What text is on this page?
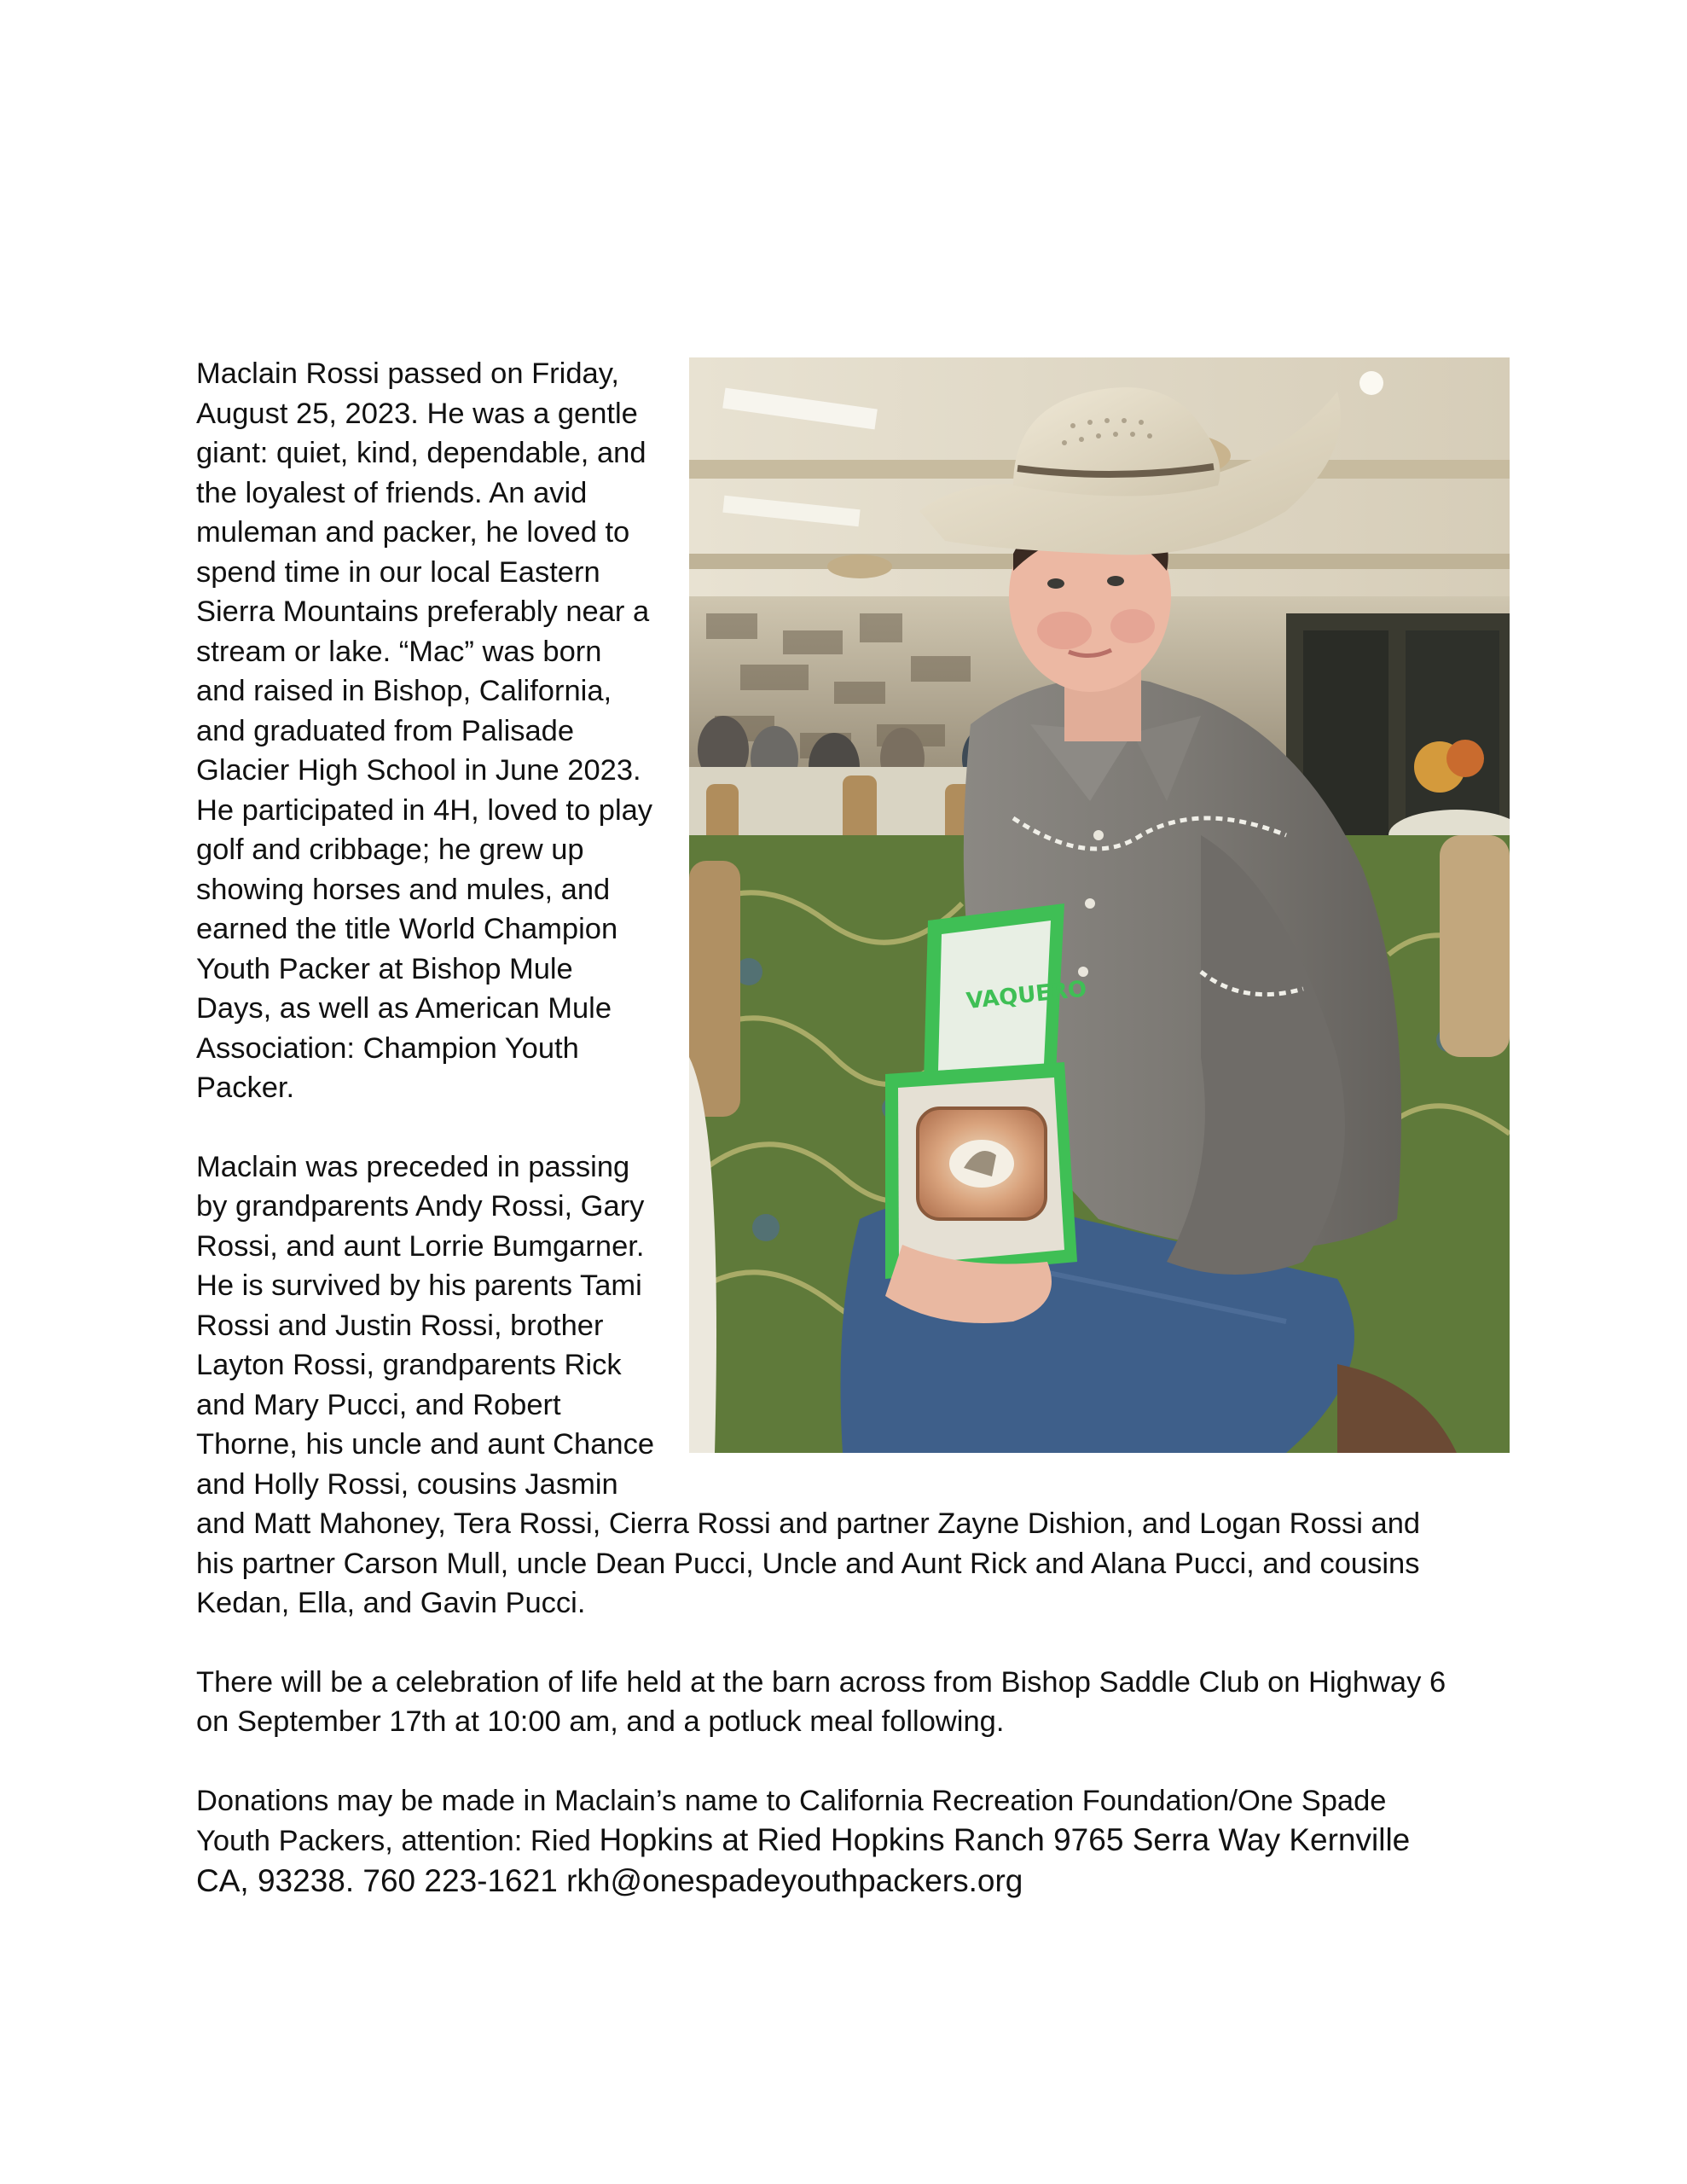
VAQUERO

Maclain Rossi passed on Friday,
August 25, 2023. He was a gentle
giant: quiet, kind, dependable, and
the loyalest of friends. An avid
muleman and packer, he loved to
spend time in our local Eastern
Sierra Mountains preferably near a
stream or lake. “Mac” was born
and raised in Bishop, California,
and graduated from Palisade
Glacier High School in June 2023.
He participated in 4H, loved to play
golf and cribbage; he grew up
showing horses and mules, and
earned the title World Champion
Youth Packer at Bishop Mule
Days, as well as American Mule
Association: Champion Youth
Packer.

Maclain was preceded in passing
by grandparents Andy Rossi, Gary
Rossi, and aunt Lorrie Bumgarner.
He is survived by his parents Tami
Rossi and Justin Rossi, brother
Layton Rossi, grandparents Rick
and Mary Pucci, and Robert
Thorne, his uncle and aunt Chance
and Holly Rossi, cousins Jasmin
and Matt Mahoney, Tera Rossi, Cierra Rossi and partner Zayne Dishion, and Logan Rossi and
his partner Carson Mull, uncle Dean Pucci, Uncle and Aunt Rick and Alana Pucci, and cousins
Kedan, Ella, and Gavin Pucci.

There will be a celebration of life held at the barn across from Bishop Saddle Club on Highway 6
on September 17th at 10:00 am, and a potluck meal following.

Donations may be made in Maclain’s name to California Recreation Foundation/One Spade
Youth Packers, attention: Ried Hopkins at Ried Hopkins Ranch 9765 Serra Way Kernville
CA, 93238. 760 223-1621 rkh@onespadeyouthpackers.org
